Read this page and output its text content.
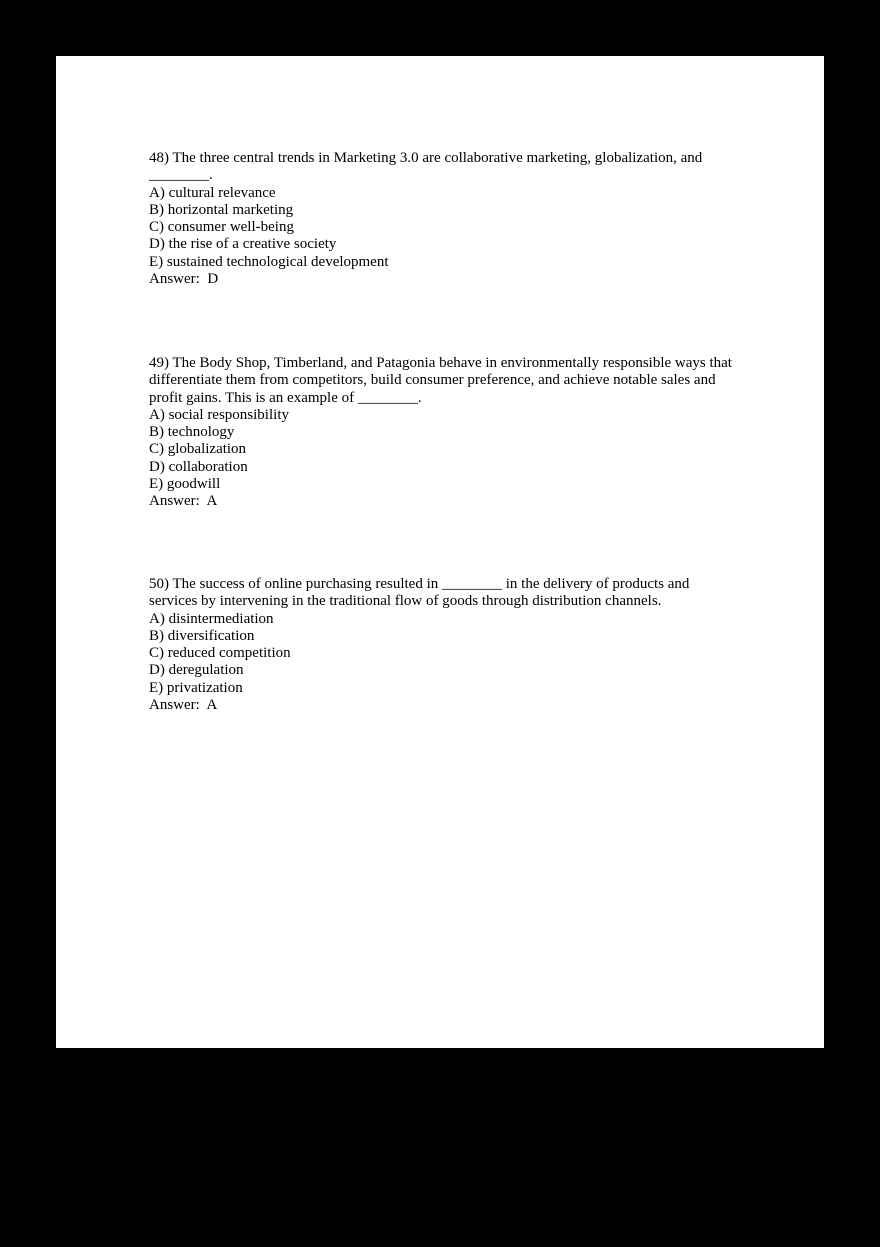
48) The three central trends in Marketing 3.0 are collaborative marketing, globalization, and ________.

A) cultural relevance

B) horizontal marketing

C) consumer well-being

D) the rise of a creative society

E) sustained technological development

Answer:  D

49) The Body Shop, Timberland, and Patagonia behave in environmentally responsible ways that differentiate them from competitors, build consumer preference, and achieve notable sales and profit gains. This is an example of ________.

A) social responsibility

B) technology

C) globalization

D) collaboration

E) goodwill

Answer:  A

50) The success of online purchasing resulted in ________ in the delivery of products and services by intervening in the traditional flow of goods through distribution channels.

A) disintermediation

B) diversification

C) reduced competition

D) deregulation

E) privatization

Answer:  A
